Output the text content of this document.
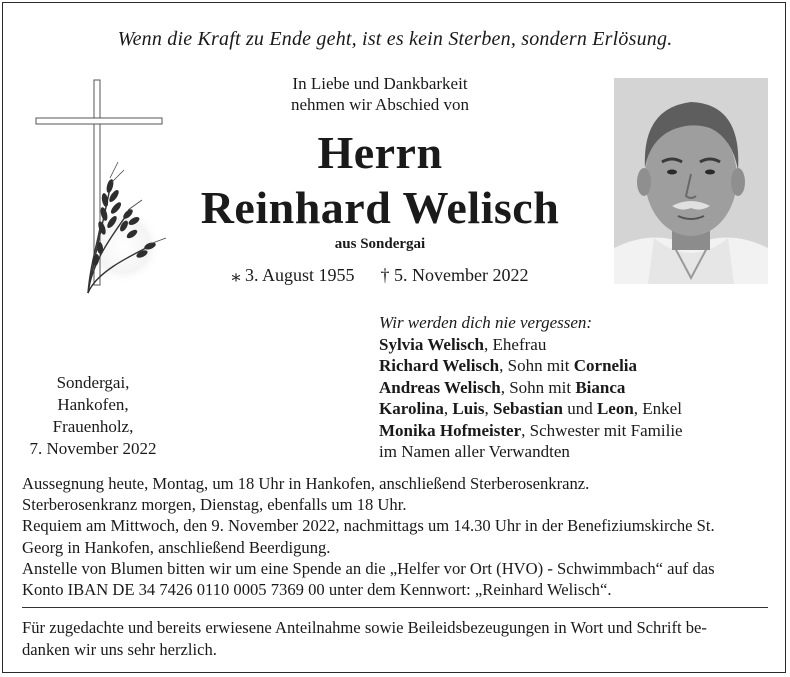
Wenn die Kraft zu Ende geht, ist es kein Sterben, sondern Erlösung.
In Liebe und Dankbarkeit
nehmen wir Abschied von
Herrn
Reinhard Welisch
aus Sondergai
⁎ 3. August 1955 † 5. November 2022
Sondergai,
Hankofen,
Frauenholz,
7. November 2022
Wir werden dich nie vergessen:
Sylvia Welisch, Ehefrau
Richard Welisch, Sohn mit Cornelia
Andreas Welisch, Sohn mit Bianca
Karolina, Luis, Sebastian und Leon, Enkel
Monika Hofmeister, Schwester mit Familie
im Namen aller Verwandten
Aussegnung heute, Montag, um 18 Uhr in Hankofen, anschließend Sterberosenkranz.
Sterberosenkranz morgen, Dienstag, ebenfalls um 18 Uhr.
Requiem am Mittwoch, den 9. November 2022, nachmittags um 14.30 Uhr in der Benefiziumskirche St.
Georg in Hankofen, anschließend Beerdigung.
Anstelle von Blumen bitten wir um eine Spende an die „Helfer vor Ort (HVO) - Schwimmbach“ auf das
Konto IBAN DE 34 7426 0110 0005 7369 00 unter dem Kennwort: „Reinhard Welisch“.
Für zugedachte und bereits erwiesene Anteilnahme sowie Beileidsbezeugungen in Wort und Schrift be-
danken wir uns sehr herzlich.
